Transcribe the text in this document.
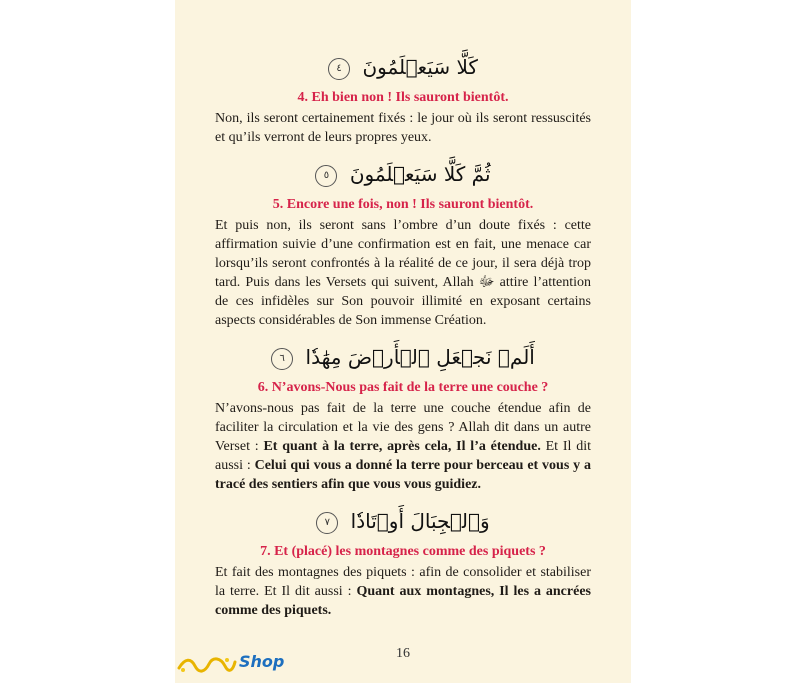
كَلَّا سَيَعۡلَمُونَ ٤
4. Eh bien non ! Ils sauront bientôt.

Non, ils seront certainement fixés : le jour où ils seront ressuscités et qu’ils verront de leurs propres yeux.

ثُمَّ كَلَّا سَيَعۡلَمُونَ ٥
5. Encore une fois, non ! Ils sauront bientôt.

Et puis non, ils seront sans l’ombre d’un doute fixés : cette affirmation suivie d’une confirmation est en fait, une menace car lorsqu’ils seront confrontés à la réalité de ce jour, il sera déjà trop tard. Puis dans les Versets qui suivent, Allah ﷻ attire l’attention de ces infidèles sur Son pouvoir illimité en exposant certains aspects considérables de Son immense Création.

أَلَمۡ نَجۡعَلِ ٱلۡأَرۡضَ مِهَٰدٗا ٦
6. N’avons-Nous pas fait de la terre une couche ?

N’avons-nous pas fait de la terre une couche étendue afin de faciliter la circulation et la vie des gens ? Allah dit dans un autre Verset : Et quant à la terre, après cela, Il l’a étendue. Et Il dit aussi : Celui qui vous a donné la terre pour berceau et vous y a tracé des sentiers afin que vous vous guidiez.

وَٱلۡجِبَالَ أَوۡتَادٗا ٧
7. Et (placé) les montagnes comme des piquets ?

Et fait des montagnes des piquets : afin de consolider et stabiliser la terre. Et Il dit aussi : Quant aux montagnes, Il les a ancrées comme des piquets.

16
Shop
